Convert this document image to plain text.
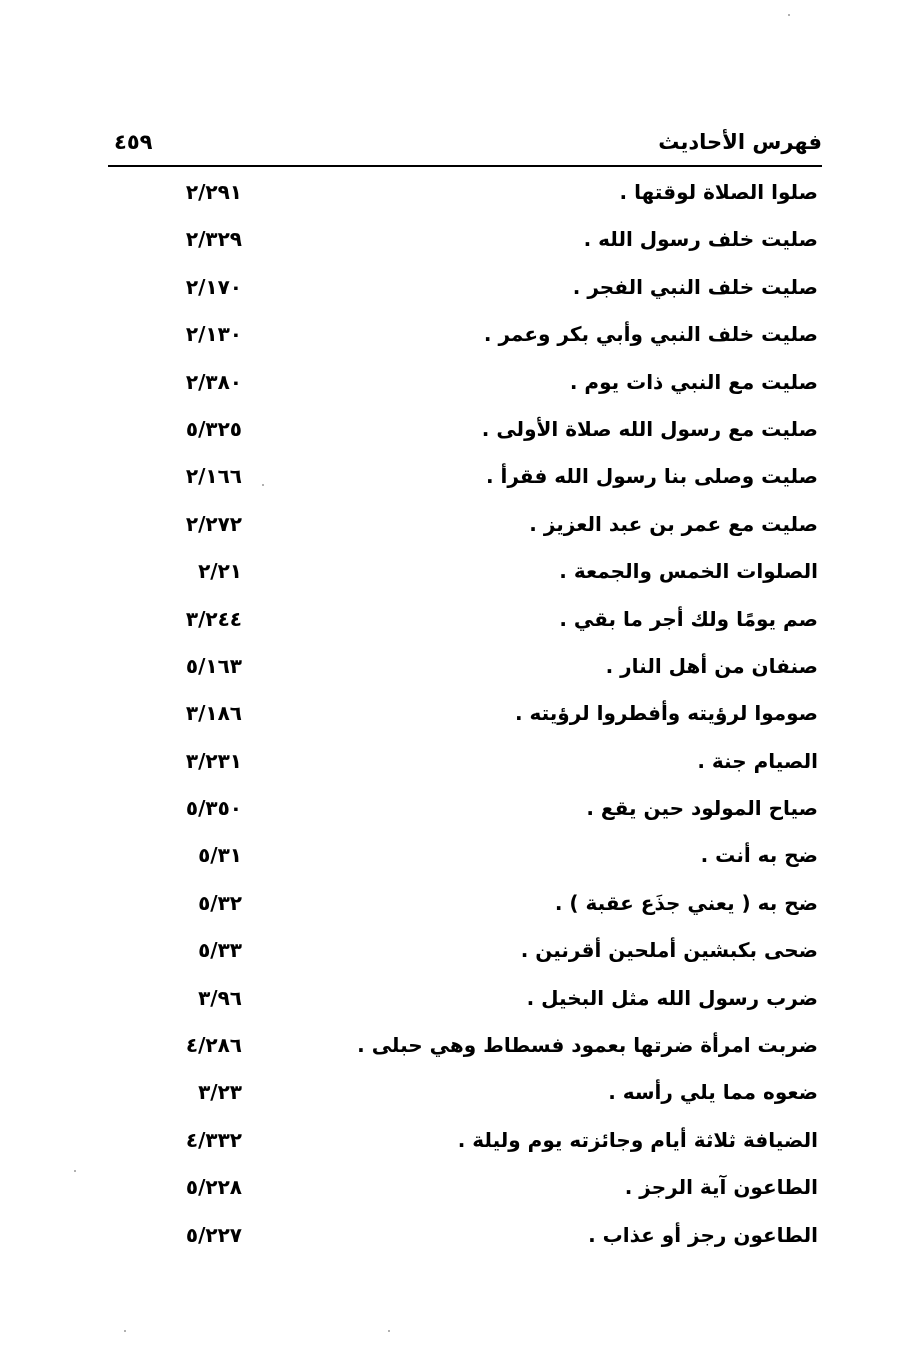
فهرس الأحاديث
٤٥٩
صلوا الصلاة لوقتها .
٢/٢٩١
صليت خلف رسول الله .
٢/٣٢٩
صليت خلف النبي الفجر .
٢/١٧٠
صليت خلف النبي وأبي بكر وعمر .
٢/١٣٠
صليت مع النبي ذات يوم .
٢/٣٨٠
صليت مع رسول الله صلاة الأولى .
٥/٣٢٥
صليت وصلى بنا رسول الله فقرأ .
٢/١٦٦
صليت مع عمر بن عبد العزيز .
٢/٢٧٢
الصلوات الخمس والجمعة .
٢/٢١
صم يومًا ولك أجر ما بقي .
٣/٢٤٤
صنفان من أهل النار .
٥/١٦٣
صوموا لرؤيته وأفطروا لرؤيته .
٣/١٨٦
الصيام جنة .
٣/٢٣١
صياح المولود حين يقع .
٥/٣٥٠
ضح به أنت .
٥/٣١
ضح به ( يعني جذَع عقبة ) .
٥/٣٢
ضحى بكبشين أملحين أقرنين .
٥/٣٣
ضرب رسول الله مثل البخيل .
٣/٩٦
ضربت امرأة ضرتها بعمود فسطاط وهي حبلى .
٤/٢٨٦
ضعوه مما يلي رأسه .
٣/٢٣
الضيافة ثلاثة أيام وجائزته يوم وليلة .
٤/٣٣٢
الطاعون آية الرجز .
٥/٢٢٨
الطاعون رجز أو عذاب .
٥/٢٢٧
